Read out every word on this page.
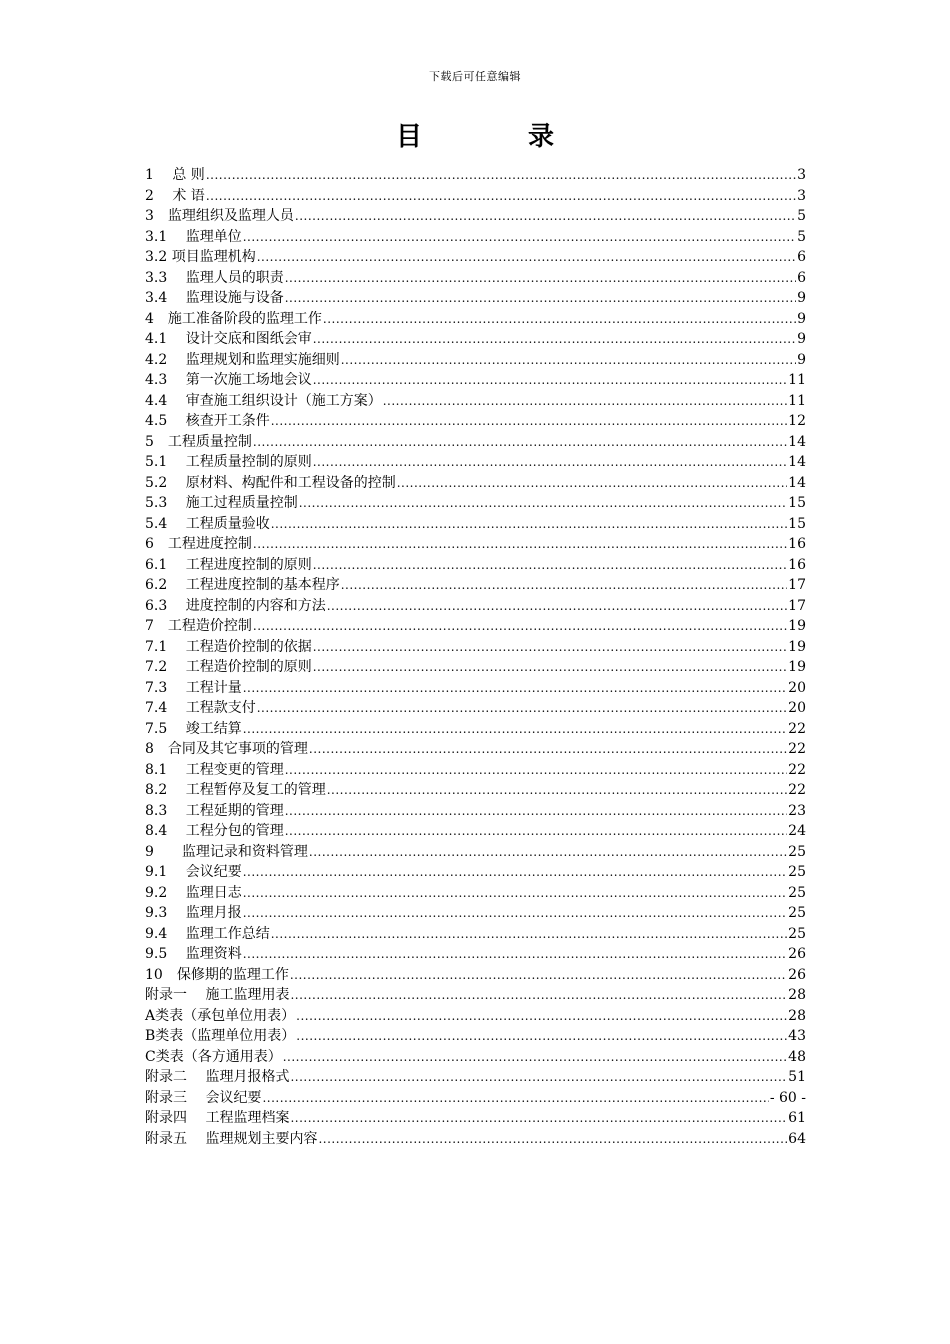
下载后可任意编辑
目　录
1　 总 则 .....	3
2　 术 语 .....	3
3　监理组织及监理人员 .....	5
3.1　 监理单位 .....	5
3.2 项目监理机构 .....	6
3.3　 监理人员的职责 .....	6
3.4　 监理设施与设备 .....	9
4　施工准备阶段的监理工作 .....	9
4.1　 设计交底和图纸会审 .....	9
4.2　 监理规划和监理实施细则 .....	9
4.3　 第一次施工场地会议 .....	11
4.4　 审查施工组织设计（施工方案） .....	11
4.5　 核查开工条件 .....	12
5　工程质量控制 .....	14
5.1　 工程质量控制的原则 .....	14
5.2　 原材料、构配件和工程设备的控制 .....	14
5.3　 施工过程质量控制 .....	15
5.4　 工程质量验收 .....	15
6　工程进度控制 .....	16
6.1　 工程进度控制的原则 .....	16
6.2　 工程进度控制的基本程序 .....	17
6.3　 进度控制的内容和方法 .....	17
7　工程造价控制 .....	19
7.1　 工程造价控制的依据 .....	19
7.2　 工程造价控制的原则 .....	19
7.3　 工程计量 .....	20
7.4　 工程款支付 .....	20
7.5　 竣工结算 .....	22
8　合同及其它事项的管理 .....	22
8.1　 工程变更的管理 .....	22
8.2　 工程暂停及复工的管理 .....	22
8.3　 工程延期的管理 .....	23
8.4　 工程分包的管理 .....	24
9　　监理记录和资料管理 .....	25
9.1　 会议纪要 .....	25
9.2　 监理日志 .....	25
9.3　 监理月报 .....	25
9.4　 监理工作总结 .....	25
9.5　 监理资料 .....	26
10　保修期的监理工作 .....	26
附录一　 施工监理用表 .....	28
A类表（承包单位用表） .....	28
B类表（监理单位用表） .....	43
C类表（各方通用表） .....	48
附录二　 监理月报格式 .....	51
附录三　 会议纪要 .....	- 60 -
附录四　 工程监理档案 .....	61
附录五　 监理规划主要内容 .....	64
